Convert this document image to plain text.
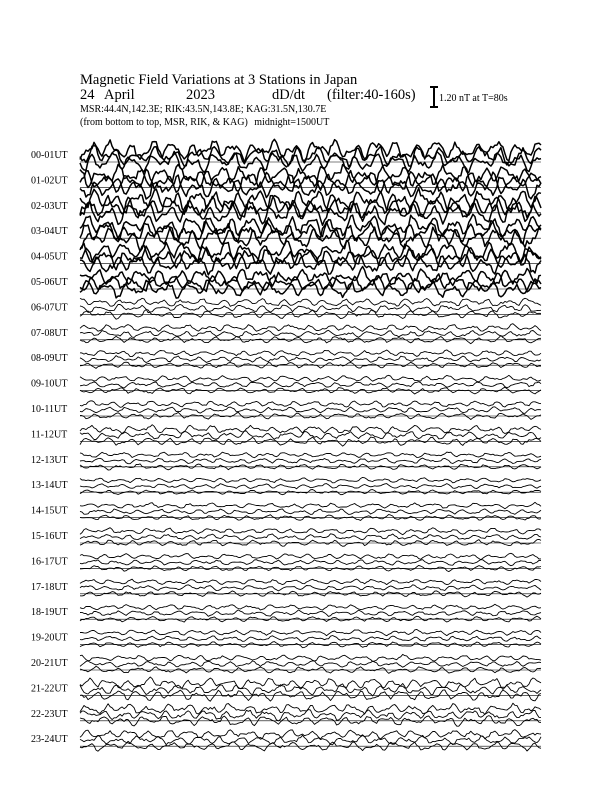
Magnetic Field Variations at 3 Stations in Japan
24 April	2023	dD/dt (filter:40-160s)
MSR:44.4N,142.3E; RIK:43.5N,143.8E; KAG:31.5N,130.7E
(from bottom to top, MSR, RIK, & KAG) midnight=1500UT
1.20 nT at T=80s
00-01UT
01-02UT
02-03UT
03-04UT
04-05UT
05-06UT
06-07UT
07-08UT
08-09UT
09-10UT
10-11UT
11-12UT
12-13UT
13-14UT
14-15UT
15-16UT
16-17UT
17-18UT
18-19UT
19-20UT
20-21UT
21-22UT
22-23UT
23-24UT
